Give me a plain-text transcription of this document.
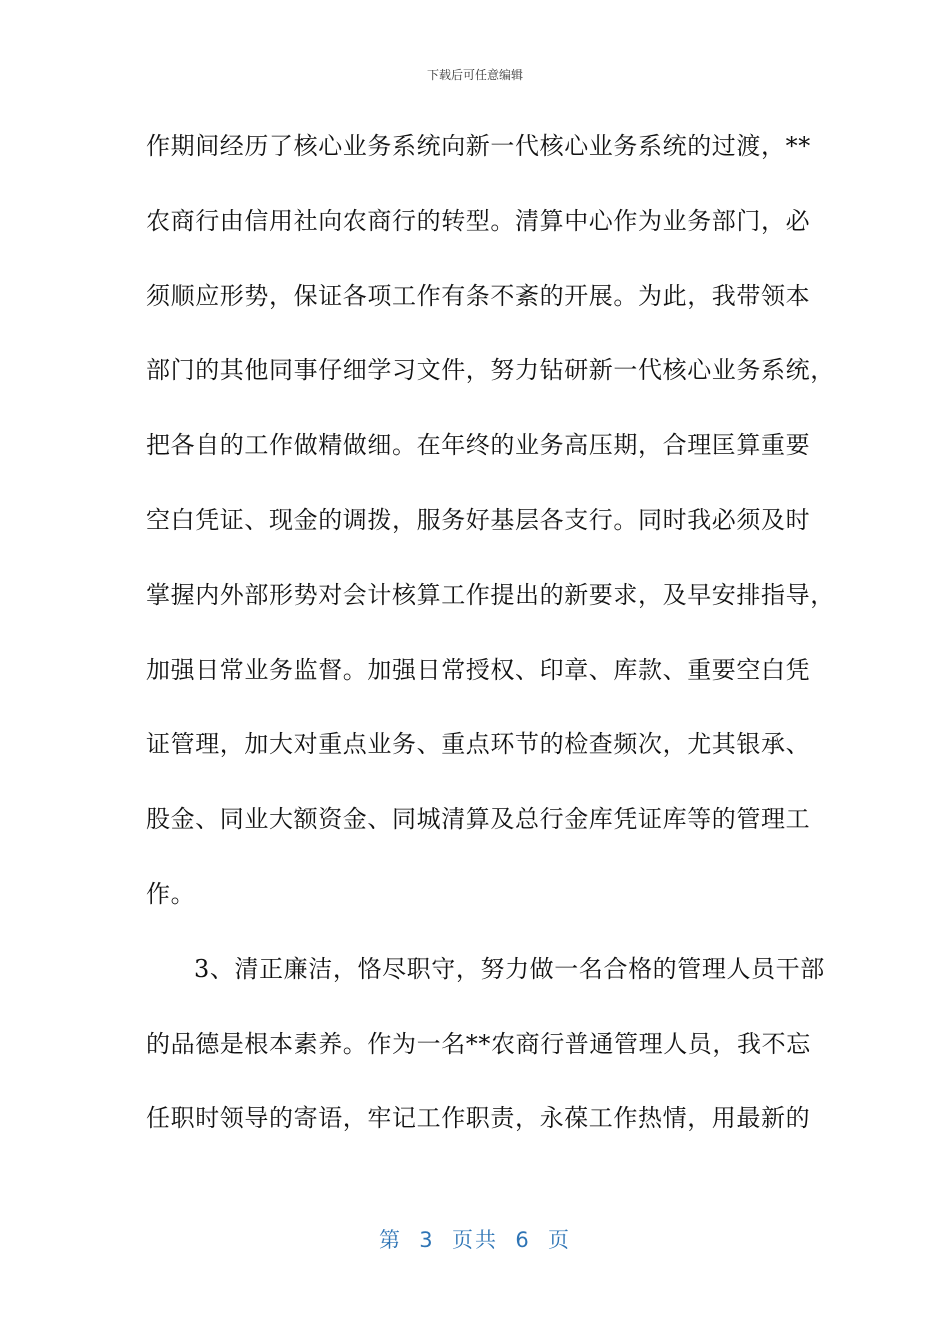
下载后可任意编辑
作期间经历了核心业务系统向新一代核心业务系统的过渡，**
农商行由信用社向农商行的转型。清算中心作为业务部门，必
须顺应形势，保证各项工作有条不紊的开展。为此，我带领本
部门的其他同事仔细学习文件，努力钻研新一代核心业务系统，
把各自的工作做精做细。在年终的业务高压期，合理匡算重要
空白凭证、现金的调拨，服务好基层各支行。同时我必须及时
掌握内外部形势对会计核算工作提出的新要求，及早安排指导，
加强日常业务监督。加强日常授权、印章、库款、重要空白凭
证管理，加大对重点业务、重点环节的检查频次，尤其银承、
股金、同业大额资金、同城清算及总行金库凭证库等的管理工
作。
3、清正廉洁，恪尽职守，努力做一名合格的管理人员干部
的品德是根本素养。作为一名**农商行普通管理人员，我不忘
任职时领导的寄语，牢记工作职责，永葆工作热情，用最新的
第  3  页共  6  页
